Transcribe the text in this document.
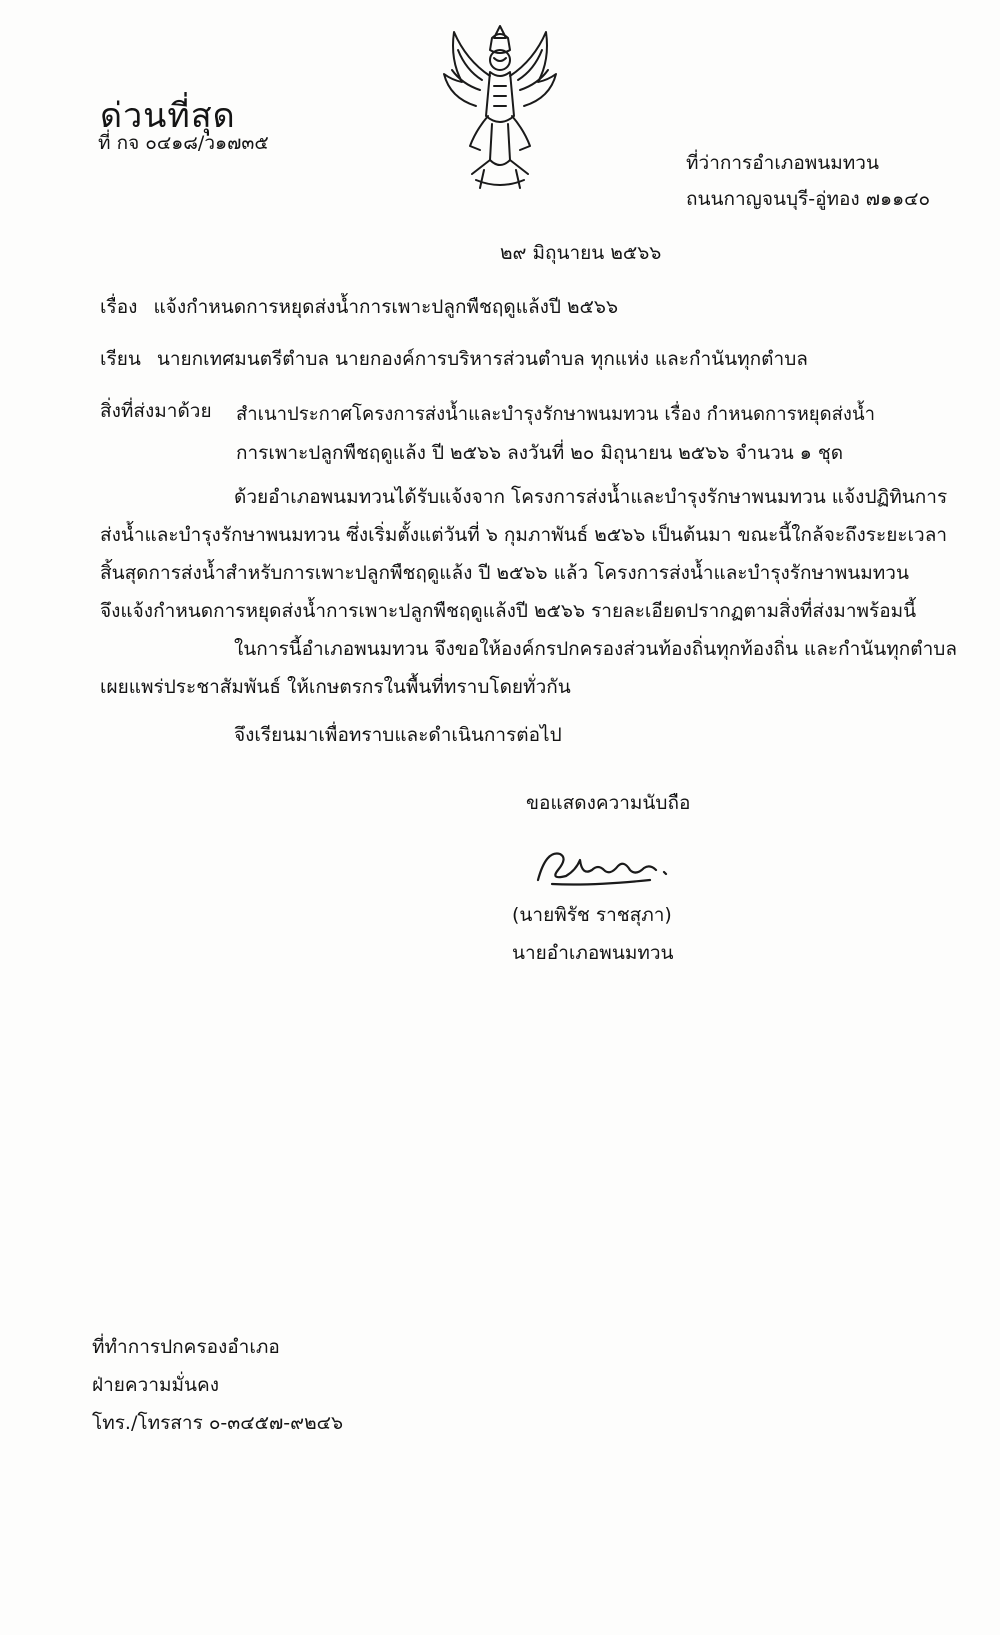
ด่วนที่สุด
ที่ กจ ๐๔๑๘/ว๑๗๓๕
ที่ว่าการอำเภอพนมทวน
ถนนกาญจนบุรี-อู่ทอง ๗๑๑๔๐
๒๙ มิถุนายน ๒๕๖๖
เรื่อง แจ้งกำหนดการหยุดส่งน้ำการเพาะปลูกพืชฤดูแล้งปี ๒๕๖๖
เรียน นายกเทศมนตรีตำบล นายกองค์การบริหารส่วนตำบล ทุกแห่ง และกำนันทุกตำบล
สิ่งที่ส่งมาด้วย สำเนาประกาศโครงการส่งน้ำและบำรุงรักษาพนมทวน เรื่อง กำหนดการหยุดส่งน้ำ
การเพาะปลูกพืชฤดูแล้ง ปี ๒๕๖๖ ลงวันที่ ๒๐ มิถุนายน ๒๕๖๖ จำนวน ๑ ชุด
ด้วยอำเภอพนมทวนได้รับแจ้งจาก โครงการส่งน้ำและบำรุงรักษาพนมทวน แจ้งปฏิทินการ
ส่งน้ำและบำรุงรักษาพนมทวน ซึ่งเริ่มตั้งแต่วันที่ ๖ กุมภาพันธ์ ๒๕๖๖ เป็นต้นมา ขณะนี้ใกล้จะถึงระยะเวลา
สิ้นสุดการส่งน้ำสำหรับการเพาะปลูกพืชฤดูแล้ง ปี ๒๕๖๖ แล้ว โครงการส่งน้ำและบำรุงรักษาพนมทวน
จึงแจ้งกำหนดการหยุดส่งน้ำการเพาะปลูกพืชฤดูแล้งปี ๒๕๖๖ รายละเอียดปรากฏตามสิ่งที่ส่งมาพร้อมนี้
ในการนี้อำเภอพนมทวน จึงขอให้องค์กรปกครองส่วนท้องถิ่นทุกท้องถิ่น และกำนันทุกตำบล
เผยแพร่ประชาสัมพันธ์ ให้เกษตรกรในพื้นที่ทราบโดยทั่วกัน
จึงเรียนมาเพื่อทราบและดำเนินการต่อไป
ขอแสดงความนับถือ
(นายพิรัช ราชสุภา)
นายอำเภอพนมทวน
ที่ทำการปกครองอำเภอ
ฝ่ายความมั่นคง
โทร./โทรสาร ๐-๓๔๕๗-๙๒๔๖
